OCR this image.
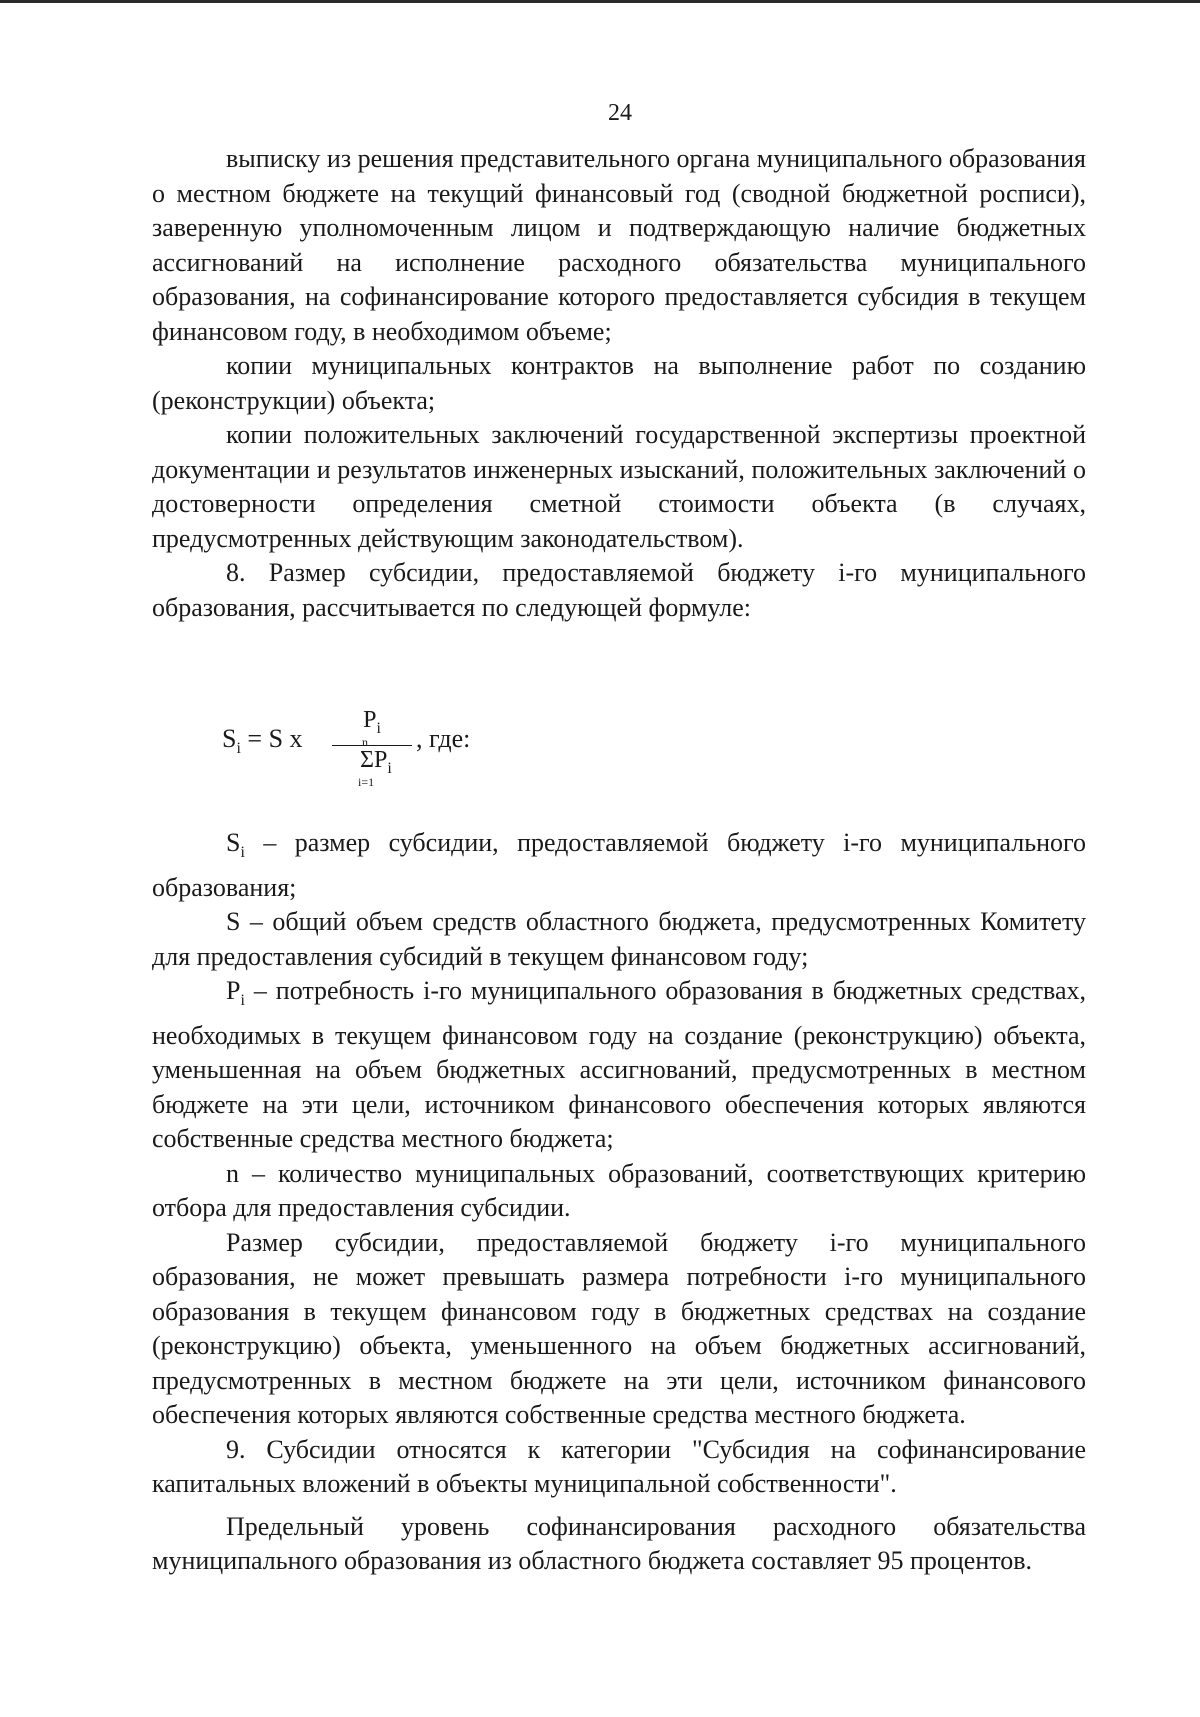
24

выписку из решения представительного органа муниципального образования о местном бюджете на текущий финансовый год (сводной бюджетной росписи), заверенную уполномоченным лицом и подтверждающую наличие бюджетных ассигнований на исполнение расходного обязательства муниципального образования, на софинансирование которого предоставляется субсидия в текущем финансовом году, в необходимом объеме;

копии муниципальных контрактов на выполнение работ по созданию (реконструкции) объекта;

копии положительных заключений государственной экспертизы проектной документации и результатов инженерных изысканий, положительных заключений о достоверности определения сметной стоимости объекта (в случаях, предусмотренных действующим законодательством).

8. Размер субсидии, предоставляемой бюджету i-го муниципального образования, рассчитывается по следующей формуле:

$S_i = S$ x
$P_i$
n
$\Sigma P_i$
i=1
, где:

$S_i$ – размер субсидии, предоставляемой бюджету i-го муниципального образования;

S – общий объем средств областного бюджета, предусмотренных Комитету для предоставления субсидий в текущем финансовом году;

$P_i$ – потребность i-го муниципального образования в бюджетных средствах, необходимых в текущем финансовом году на создание (реконструкцию) объекта, уменьшенная на объем бюджетных ассигнований, предусмотренных в местном бюджете на эти цели, источником финансового обеспечения которых являются собственные средства местного бюджета;

n – количество муниципальных образований, соответствующих критерию отбора для предоставления субсидии.

Размер субсидии, предоставляемой бюджету i-го муниципального образования, не может превышать размера потребности i-го муниципального образования в текущем финансовом году в бюджетных средствах на создание (реконструкцию) объекта, уменьшенного на объем бюджетных ассигнований, предусмотренных в местном бюджете на эти цели, источником финансового обеспечения которых являются собственные средства местного бюджета.

9. Субсидии относятся к категории "Субсидия на софинансирование капитальных вложений в объекты муниципальной собственности".

Предельный уровень софинансирования расходного обязательства муниципального образования из областного бюджета составляет 95 процентов.
